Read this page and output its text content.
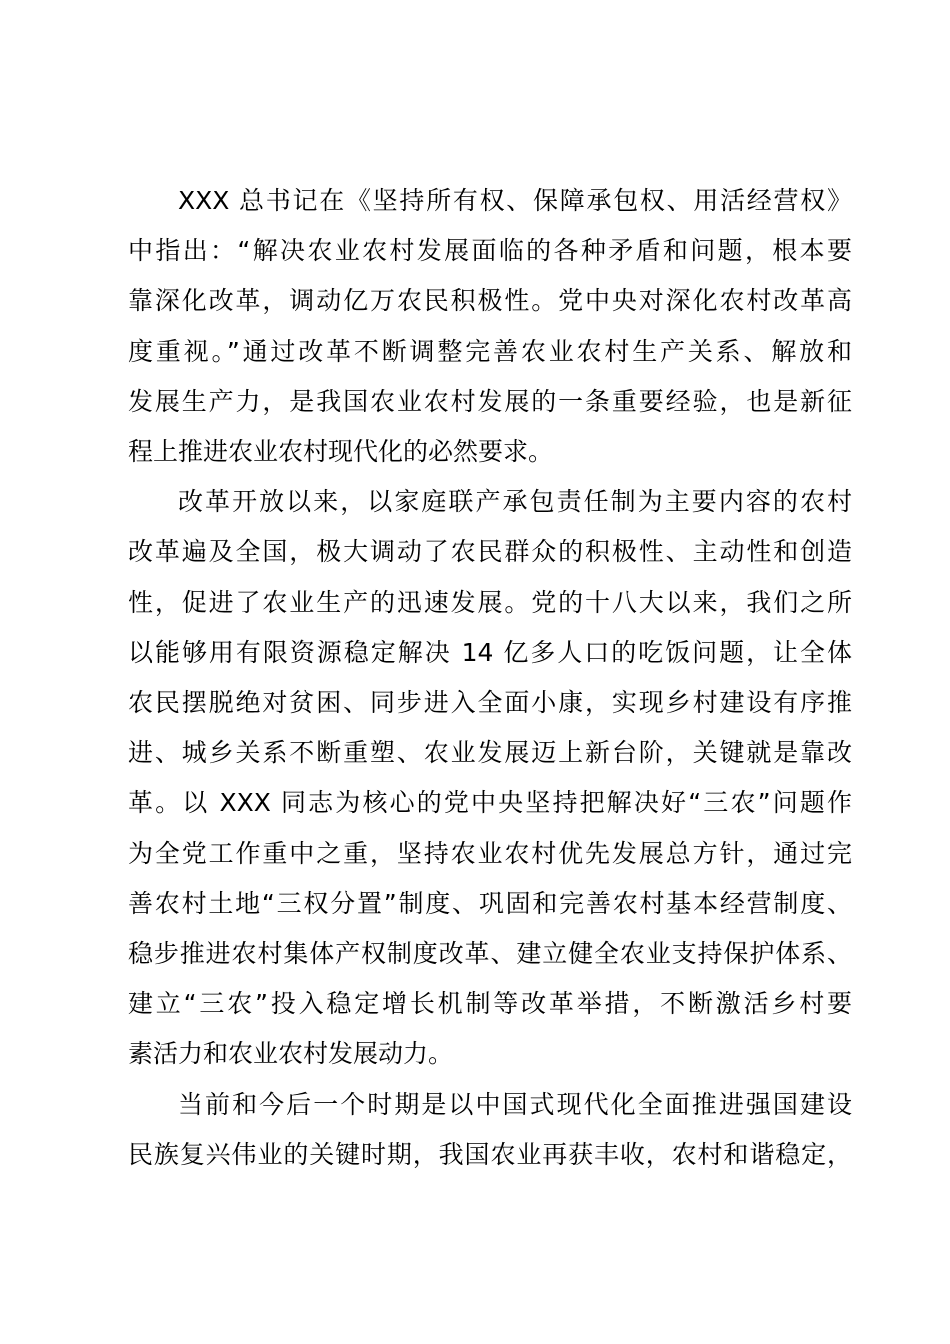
XXX 总书记在《坚持所有权、保障承包权、用活经营权》
中指出：“解决农业农村发展面临的各种矛盾和问题，根本要
靠深化改革，调动亿万农民积极性。党中央对深化农村改革高
度重视。”通过改革不断调整完善农业农村生产关系、解放和
发展生产力，是我国农业农村发展的一条重要经验，也是新征
程上推进农业农村现代化的必然要求。

改革开放以来，以家庭联产承包责任制为主要内容的农村
改革遍及全国，极大调动了农民群众的积极性、主动性和创造
性，促进了农业生产的迅速发展。党的十八大以来，我们之所
以能够用有限资源稳定解决 14 亿多人口的吃饭问题，让全体
农民摆脱绝对贫困、同步进入全面小康，实现乡村建设有序推
进、城乡关系不断重塑、农业发展迈上新台阶，关键就是靠改
革。以 XXX 同志为核心的党中央坚持把解决好“三农”问题作
为全党工作重中之重，坚持农业农村优先发展总方针，通过完
善农村土地“三权分置”制度、巩固和完善农村基本经营制度、
稳步推进农村集体产权制度改革、建立健全农业支持保护体系、
建立“三农”投入稳定增长机制等改革举措，不断激活乡村要
素活力和农业农村发展动力。

当前和今后一个时期是以中国式现代化全面推进强国建设
民族复兴伟业的关键时期，我国农业再获丰收，农村和谐稳定，
